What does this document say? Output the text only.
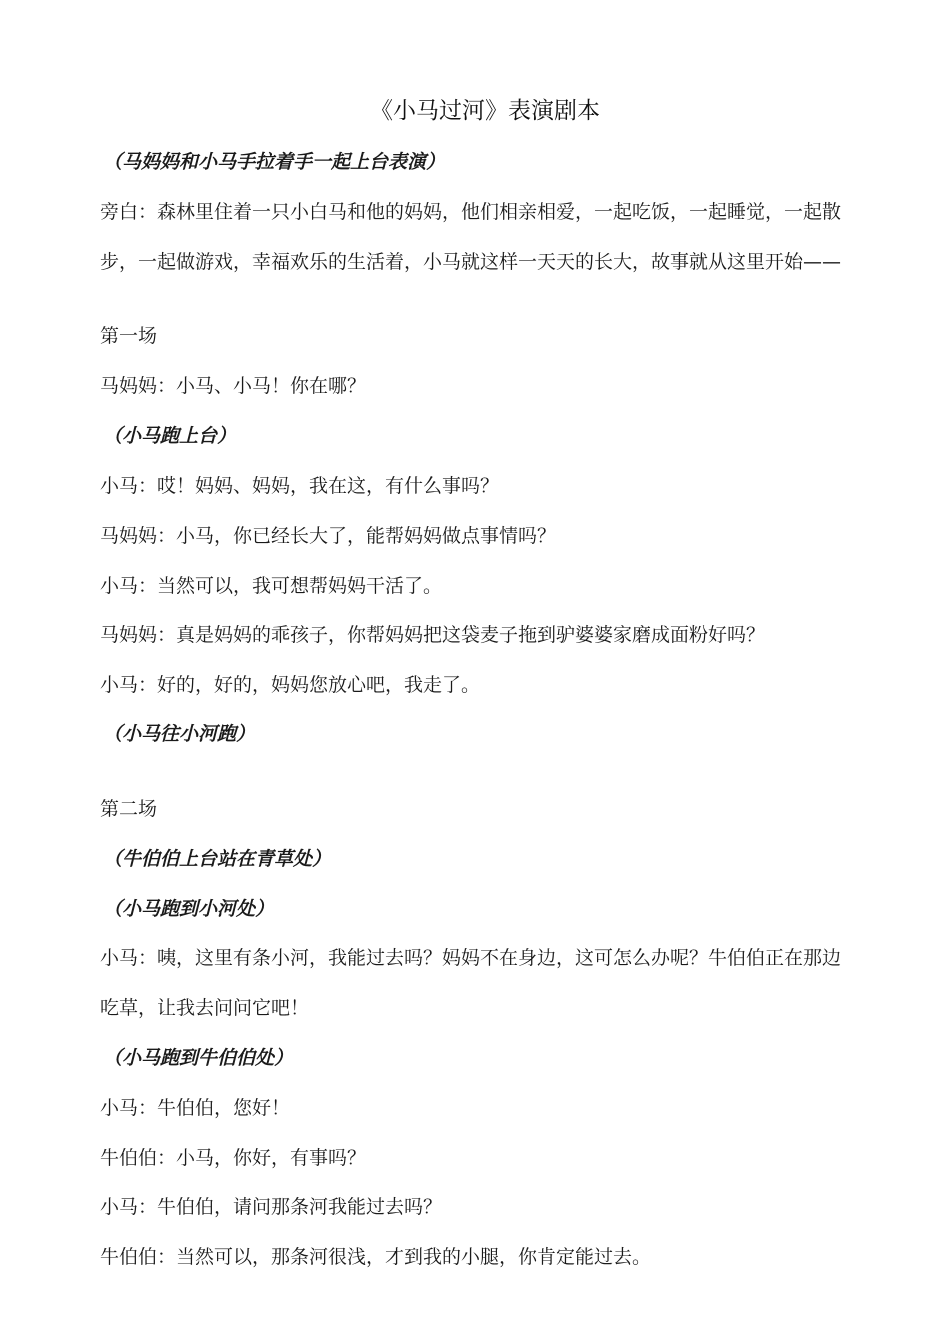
《小马过河》表演剧本
（马妈妈和小马手拉着手一起上台表演）
旁白：森林里住着一只小白马和他的妈妈，他们相亲相爱，一起吃饭，一起睡觉，一起散
步，一起做游戏，幸福欢乐的生活着，小马就这样一天天的长大，故事就从这里开始——
第一场
马妈妈：小马、小马！你在哪？
（小马跑上台）
小马：哎！妈妈、妈妈，我在这，有什么事吗？
马妈妈：小马，你已经长大了，能帮妈妈做点事情吗？
小马：当然可以，我可想帮妈妈干活了。
马妈妈：真是妈妈的乖孩子，你帮妈妈把这袋麦子拖到驴婆婆家磨成面粉好吗？
小马：好的，好的，妈妈您放心吧，我走了。
（小马往小河跑）
第二场
（牛伯伯上台站在青草处）
（小马跑到小河处）
小马：咦，这里有条小河，我能过去吗？妈妈不在身边，这可怎么办呢？牛伯伯正在那边
吃草，让我去问问它吧！
（小马跑到牛伯伯处）
小马：牛伯伯，您好！
牛伯伯：小马，你好，有事吗？
小马：牛伯伯，请问那条河我能过去吗？
牛伯伯：当然可以，那条河很浅，才到我的小腿，你肯定能过去。
